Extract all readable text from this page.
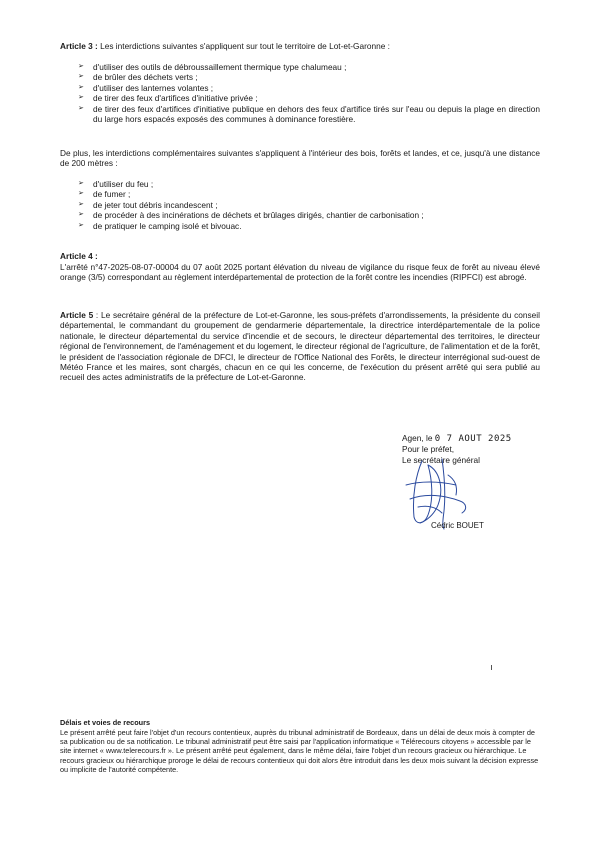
Article 3 : Les interdictions suivantes s'appliquent sur tout le territoire de Lot-et-Garonne :
➢	d'utiliser des outils de débroussaillement thermique type chalumeau ;
➢	de brûler des déchets verts ;
➢	d'utiliser des lanternes volantes ;
➢	de tirer des feux d'artifices d'initiative privée ;
➢	de tirer des feux d'artifices d'initiative publique en dehors des feux d'artifice tirés sur l'eau ou depuis la plage en direction du large hors espacés exposés des communes à dominance forestière.
De plus, les interdictions complémentaires suivantes s'appliquent à l'intérieur des bois, forêts et landes, et ce, jusqu'à une distance de 200 mètres :
➢	d'utiliser du feu ;
➢	de fumer ;
➢	de jeter tout débris incandescent ;
➢	de procéder à des incinérations de déchets et brûlages dirigés, chantier de carbonisation ;
➢	de pratiquer le camping isolé et bivouac.
Article 4 :
L'arrêté n°47-2025-08-07-00004 du 07 août 2025 portant élévation du niveau de vigilance du risque feux de forêt au niveau élevé orange (3/5) correspondant au règlement interdépartemental de protection de la forêt contre les incendies (RIPFCI) est abrogé.
Article 5 : Le secrétaire général de la préfecture de Lot-et-Garonne, les sous-préfets d'arrondissements, la présidente du conseil départemental, le commandant du groupement de gendarmerie départementale, la directrice interdépartementale de la police nationale, le directeur départemental du service d'incendie et de secours, le directeur départemental des territoires, le directeur régional de l'environnement, de l'aménagement et du logement, le directeur régional de l'agriculture, de l'alimentation et de la forêt, le président de l'association régionale de DFCI, le directeur de l'Office National des Forêts, le directeur interrégional sud-ouest de Météo France et les maires, sont chargés, chacun en ce qui les concerne, de l'exécution du présent arrêté qui sera publié au recueil des actes administratifs de la préfecture de Lot-et-Garonne.
Agen, le 0 7 AOUT 2025
Pour le préfet,
Le secrétaire général
Cédric BOUET
Délais et voies de recours
Le présent arrêté peut faire l'objet d'un recours contentieux, auprès du tribunal administratif de Bordeaux, dans un délai de deux mois à compter de sa publication ou de sa notification. Le tribunal administratif peut être saisi par l'application informatique « Télérecours citoyens » accessible par le site internet « www.telerecours.fr ». Le présent arrêté peut également, dans le même délai, faire l'objet d'un recours gracieux ou hiérarchique. Le recours gracieux ou hiérarchique proroge le délai de recours contentieux qui doit alors être introduit dans les deux mois suivant la décision expresse ou implicite de l'autorité compétente.
